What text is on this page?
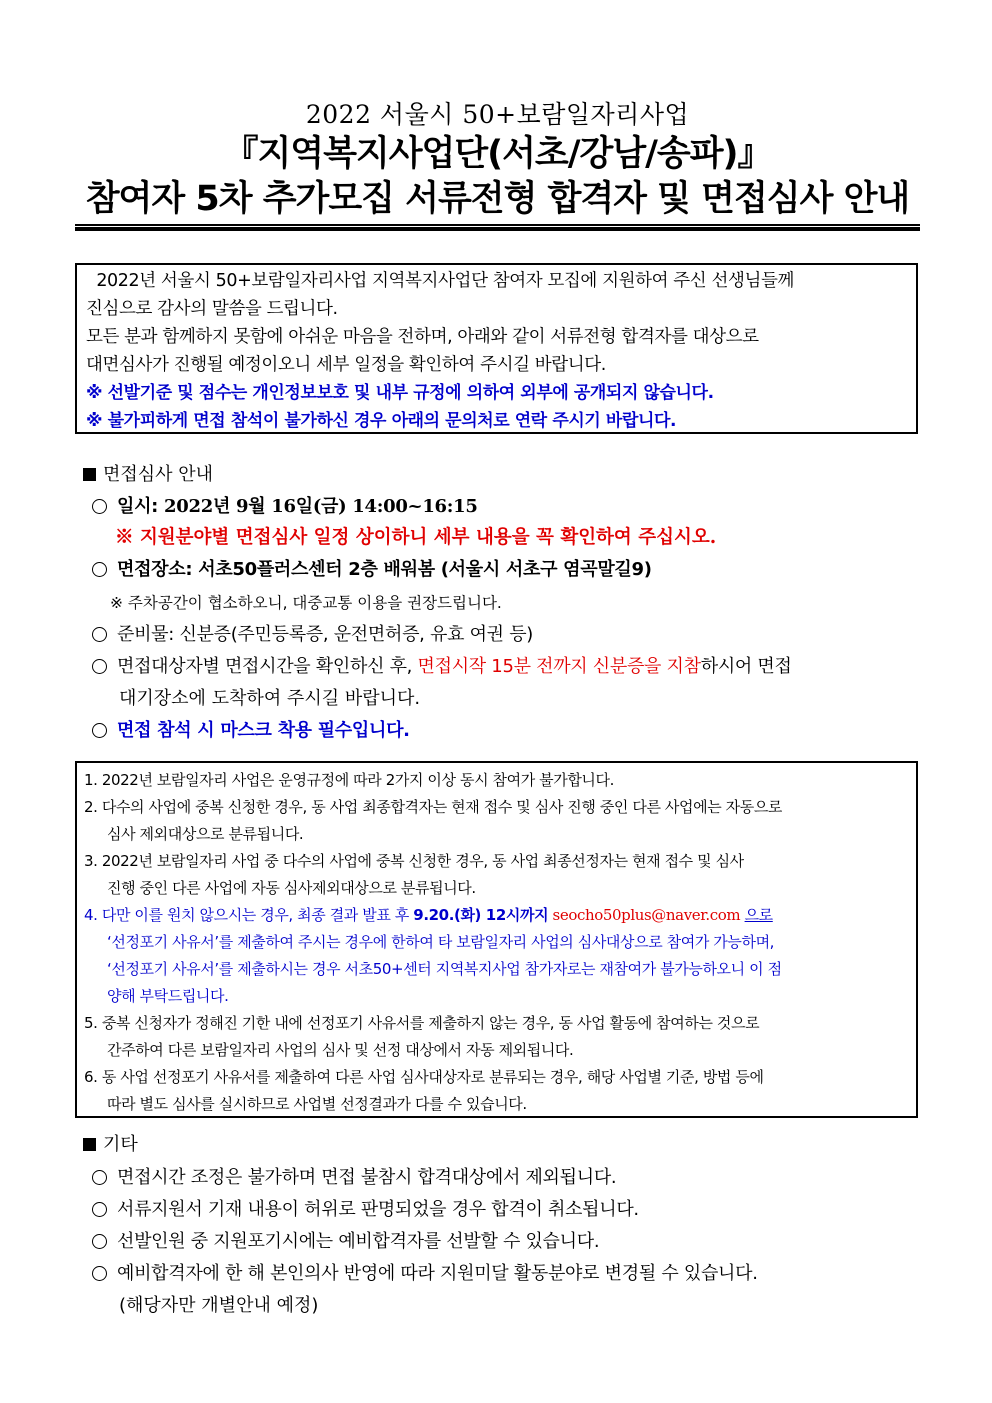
2022 서울시 50+보람일자리사업
『지역복지사업단(서초/강남/송파)』
참여자 5차 추가모집 서류전형 합격자 및 면접심사 안내

2022년 서울시 50+보람일자리사업 지역복지사업단 참여자 모집에 지원하여 주신 선생님들께

진심으로 감사의 말씀을 드립니다.

모든 분과 함께하지 못함에 아쉬운 마음을 전하며, 아래와 같이 서류전형 합격자를 대상으로

대면심사가 진행될 예정이오니 세부 일정을 확인하여 주시길 바랍니다.

※ 선발기준 및 점수는 개인정보보호 및 내부 규정에 의하여 외부에 공개되지 않습니다.

※ 불가피하게 면접 참석이 불가하신 경우 아래의 문의처로 연락 주시기 바랍니다.

면접심사 안내
일시: 2022년 9월 16일(금) 14:00~16:15
※ 지원분야별 면접심사 일정 상이하니 세부 내용을 꼭 확인하여 주십시오.
면접장소: 서초50플러스센터 2층 배워봄 (서울시 서초구 염곡말길9)
※ 주차공간이 협소하오니, 대중교통 이용을 권장드립니다.
준비물: 신분증(주민등록증, 운전면허증, 유효 여권 등)
면접대상자별 면접시간을 확인하신 후, 면접시작 15분 전까지 신분증을 지참하시어 면접
대기장소에 도착하여 주시길 바랍니다.
면접 참석 시 마스크 착용 필수입니다.
1. 2022년 보람일자리 사업은 운영규정에 따라 2가지 이상 동시 참여가 불가합니다.
2. 다수의 사업에 중복 신청한 경우, 동 사업 최종합격자는 현재 접수 및 심사 진행 중인 다른 사업에는 자동으로
심사 제외대상으로 분류됩니다.
3. 2022년 보람일자리 사업 중 다수의 사업에 중복 신청한 경우, 동 사업 최종선정자는 현재 접수 및 심사
진행 중인 다른 사업에 자동 심사제외대상으로 분류됩니다.
4. 다만 이를 원치 않으시는 경우, 최종 결과 발표 후 9.20.(화) 12시까지 seocho50plus@naver.com 으로
‘선정포기 사유서’를 제출하여 주시는 경우에 한하여 타 보람일자리 사업의 심사대상으로 참여가 가능하며,
‘선정포기 사유서’를 제출하시는 경우 서초50+센터 지역복지사업 참가자로는 재참여가 불가능하오니 이 점
양해 부탁드립니다.
5. 중복 신청자가 정해진 기한 내에 선정포기 사유서를 제출하지 않는 경우, 동 사업 활동에 참여하는 것으로
간주하여 다른 보람일자리 사업의 심사 및 선정 대상에서 자동 제외됩니다.
6. 동 사업 선정포기 사유서를 제출하여 다른 사업 심사대상자로 분류되는 경우, 해당 사업별 기준, 방법 등에
따라 별도 심사를 실시하므로 사업별 선정결과가 다를 수 있습니다.
기타
면접시간 조정은 불가하며 면접 불참시 합격대상에서 제외됩니다.
서류지원서 기재 내용이 허위로 판명되었을 경우 합격이 취소됩니다.
선발인원 중 지원포기시에는 예비합격자를 선발할 수 있습니다.
예비합격자에 한 해 본인의사 반영에 따라 지원미달 활동분야로 변경될 수 있습니다.
(해당자만 개별안내 예정)
